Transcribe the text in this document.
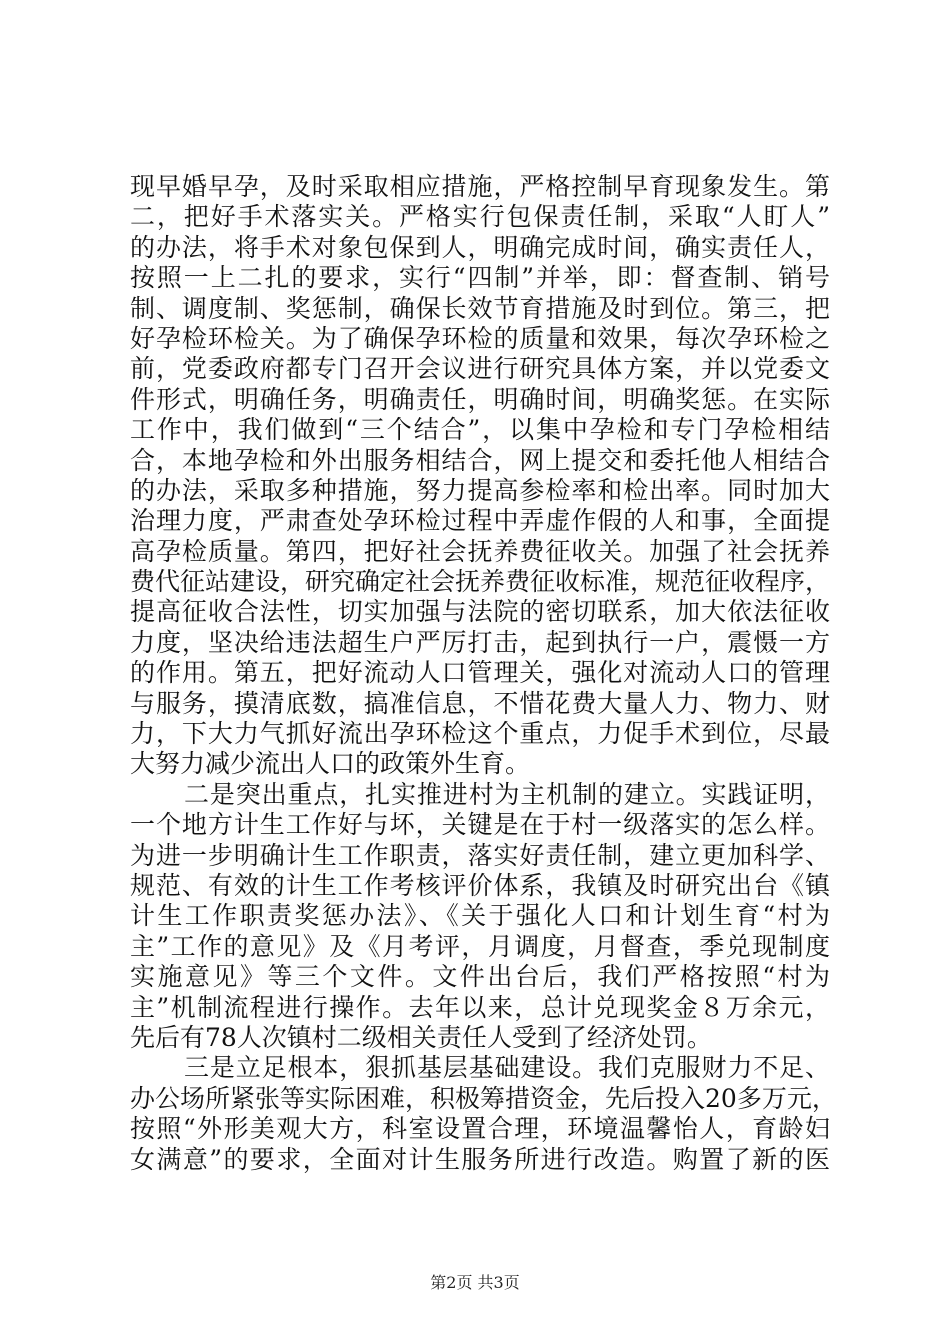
现早婚早孕，及时采取相应措施，严格控制早育现象发生。第
二，把好手术落实关。严格实行包保责任制，采取“人盯人”
的办法，将手术对象包保到人，明确完成时间，确实责任人，
按照一上二扎的要求，实行“四制”并举，即：督查制、销号
制、调度制、奖惩制，确保长效节育措施及时到位。第三，把
好孕检环检关。为了确保孕环检的质量和效果，每次孕环检之
前，党委政府都专门召开会议进行研究具体方案，并以党委文
件形式，明确任务，明确责任，明确时间，明确奖惩。在实际
工作中，我们做到“三个结合”，以集中孕检和专门孕检相结
合，本地孕检和外出服务相结合，网上提交和委托他人相结合
的办法，采取多种措施，努力提高参检率和检出率。同时加大
治理力度，严肃查处孕环检过程中弄虚作假的人和事，全面提
高孕检质量。第四，把好社会抚养费征收关。加强了社会抚养
费代征站建设，研究确定社会抚养费征收标准，规范征收程序，
提高征收合法性，切实加强与法院的密切联系，加大依法征收
力度，坚决给违法超生户严厉打击，起到执行一户，震慑一方
的作用。第五，把好流动人口管理关，强化对流动人口的管理
与服务，摸清底数，搞准信息，不惜花费大量人力、物力、财
力，下大力气抓好流出孕环检这个重点，力促手术到位，尽最
大努力减少流出人口的政策外生育。
二是突出重点，扎实推进村为主机制的建立。实践证明，
一个地方计生工作好与坏，关键是在于村一级落实的怎么样。
为进一步明确计生工作职责，落实好责任制，建立更加科学、
规范、有效的计生工作考核评价体系，我镇及时研究出台《镇
计生工作职责奖惩办法》、《关于强化人口和计划生育“村为
主”工作的意见》及《月考评，月调度，月督查，季兑现制度
实施意见》等三个文件。文件出台后，我们严格按照“村为
主”机制流程进行操作。去年以来，总计兑现奖金８万余元，
先后有78人次镇村二级相关责任人受到了经济处罚。
三是立足根本，狠抓基层基础建设。我们克服财力不足、
办公场所紧张等实际困难，积极筹措资金，先后投入20多万元，
按照“外形美观大方，科室设置合理，环境温馨怡人，育龄妇
女满意”的要求，全面对计生服务所进行改造。购置了新的医
第2页 共3页
